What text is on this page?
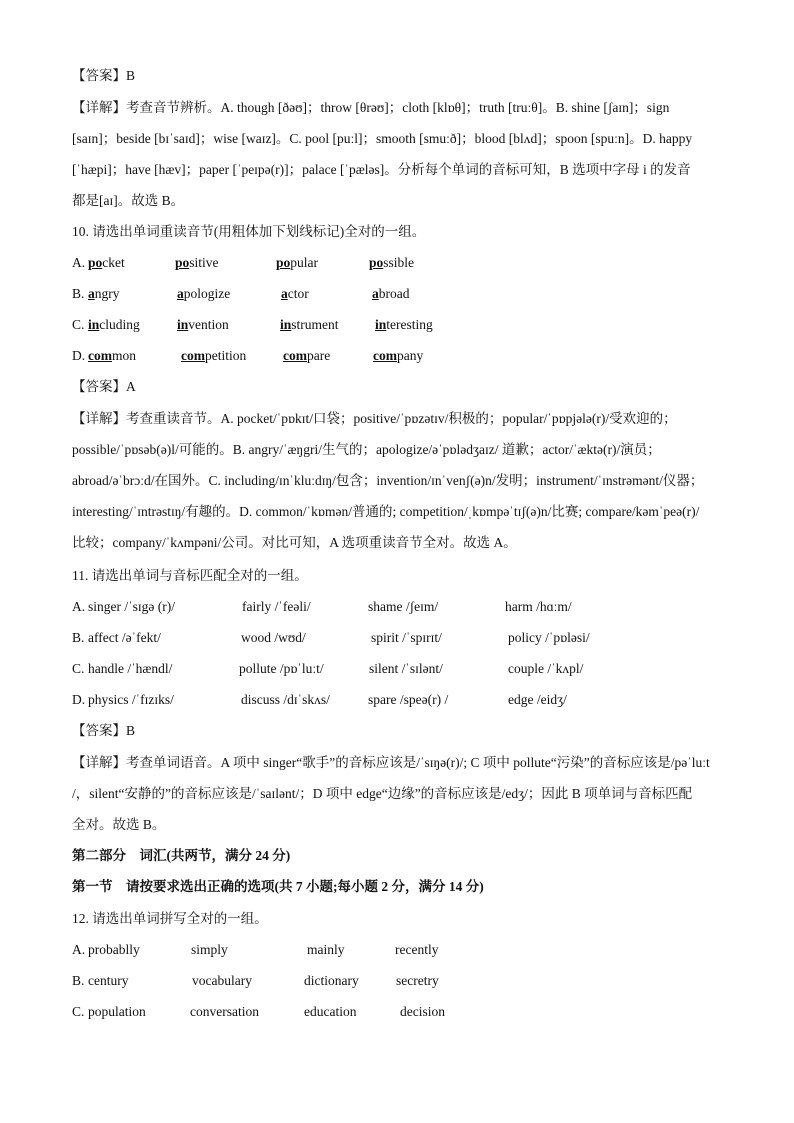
【答案】B
【详解】考查音节辨析。A. though [ðəʊ]；throw [θrəʊ]；cloth [klɒθ]；truth [truːθ]。B. shine [ʃaɪn]；sign
[saɪn]；beside [bɪˈsaɪd]；wise [waɪz]。C. pool [puːl]；smooth [smuːð]；blood [blʌd]；spoon [spuːn]。D. happy
[ˈhæpi]；have [hæv]；paper [ˈpeɪpə(r)]；palace [ˈpæləs]。分析每个单词的音标可知，B 选项中字母 i 的发音
都是[aɪ]。故选 B。
10. 请选出单词重读音节(用粗体加下划线标记)全对的一组。
A. pocket	positive	popular	possible
B. angry	apologize	actor	abroad
C. including	invention	instrument	interesting
D. common	competition	compare	company
【答案】A
【详解】考查重读音节。A. pocket/ˈpɒkɪt/口袋；positive/ˈpɒzətɪv/积极的；popular/ˈpɒpjələ(r)/受欢迎的；
possible/ˈpɒsəb(ə)l/可能的。B. angry/ˈæŋgri/生气的；apologize/əˈpɒlədʒaɪz/ 道歉；actor/ˈæktə(r)/演员；
abroad/əˈbrɔːd/在国外。C. including/ɪnˈkluːdɪŋ/包含；invention/ɪnˈvenʃ(ə)n/发明；instrument/ˈɪnstrəmənt/仪器；
interesting/ˈɪntrəstɪŋ/有趣的。D. common/ˈkɒmən/普通的; competition/ˌkɒmpəˈtɪʃ(ə)n/比赛; compare/kəmˈpeə(r)/
比较；company/ˈkʌmpəni/公司。对比可知，A 选项重读音节全对。故选 A。
11. 请选出单词与音标匹配全对的一组。
A. singer /ˈsɪgə (r)/	fairly /ˈfeəli/	shame /ʃeɪm/	harm /hɑːm/
B. affect /əˈfekt/	wood /wʊd/	spirit /ˈspɪrɪt/	policy /ˈpɒləsi/
C. handle /ˈhændl/	pollute /pɒˈluːt/	silent /ˈsɪlənt/	couple /ˈkʌpl/
D. physics /ˈfɪzɪks/	discuss /dɪˈskʌs/	spare /speə(r) /	edge /eidʒ/
【答案】B
【详解】考查单词语音。A 项中 singer“歌手”的音标应该是/ˈsɪŋə(r)/; C 项中 pollute“污染”的音标应该是/pəˈluːt
/，silent“安静的”的音标应该是/ˈsaɪlənt/；D 项中 edge“边缘”的音标应该是/edʒ/；因此 B 项单词与音标匹配
全对。故选 B。
第二部分　词汇(共两节，满分 24 分)
第一节　请按要求选出正确的选项(共 7 小题;每小题 2 分，满分 14 分)
12. 请选出单词拼写全对的一组。
A. probablly	simply	mainly	recently
B. century	vocabulary	dictionary	secretry
C. population	conversation	education	decision
